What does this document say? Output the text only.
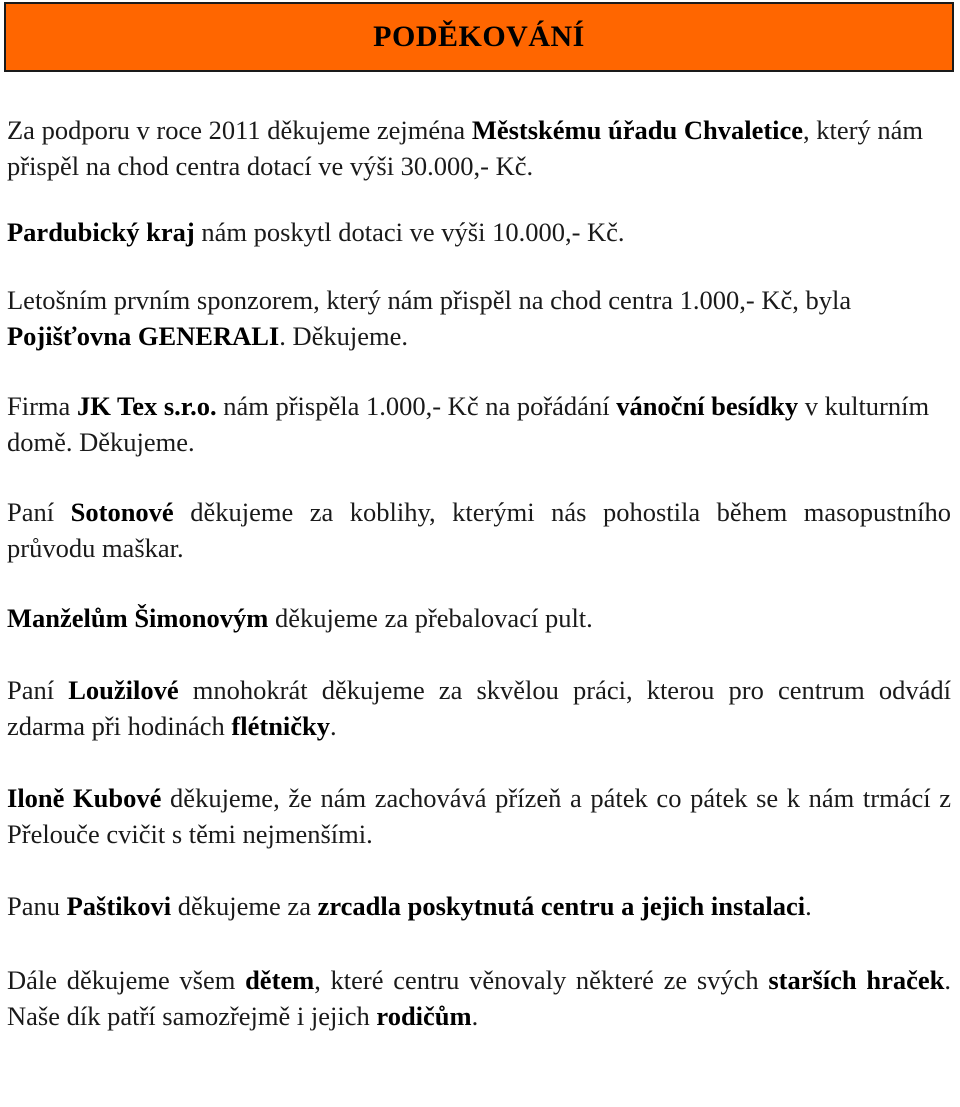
PODĚKOVÁNÍ

Za podporu v roce 2011 děkujeme zejména Městskému úřadu Chvaletice, který nám přispěl na chod centra dotací ve výši 30.000,- Kč.

Pardubický kraj nám poskytl dotaci ve výši 10.000,- Kč.

Letošním prvním sponzorem, který nám přispěl na chod centra 1.000,- Kč, byla Pojišťovna GENERALI. Děkujeme.

Firma JK Tex s.r.o. nám přispěla 1.000,- Kč na pořádání vánoční besídky v kulturním domě. Děkujeme.

Paní Sotonové děkujeme za koblihy, kterými nás pohostila během masopustního průvodu maškar.

Manželům Šimonovým děkujeme za přebalovací pult.

Paní Loužilové mnohokrát děkujeme za skvělou práci, kterou pro centrum odvádí zdarma při hodinách flétničky.

Iloně Kubové děkujeme, že nám zachovává přízeň a pátek co pátek se k nám trmácí z Přelouče cvičit s těmi nejmenšími.

Panu Paštikovi děkujeme za zrcadla poskytnutá centru a jejich instalaci.

Dále děkujeme všem dětem, které centru věnovaly některé ze svých starších hraček. Naše dík patří samozřejmě i jejich rodičům.
